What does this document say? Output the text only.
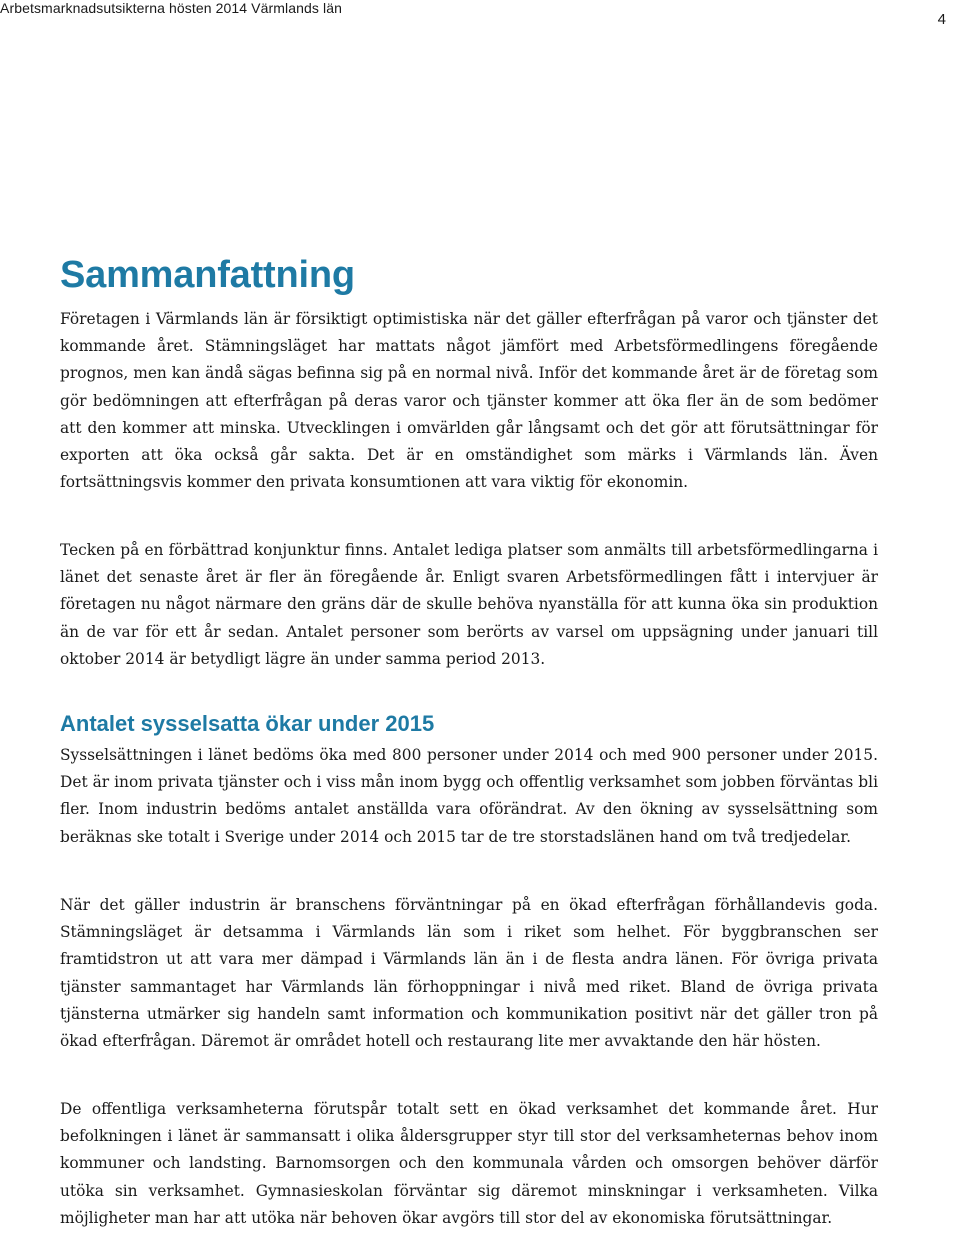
Arbetsmarknadsutsikterna hösten 2014 Värmlands län
4
Sammanfattning

Företagen i Värmlands län är försiktigt optimistiska när det gäller efterfrågan på varor och tjänster det kommande året. Stämningsläget har mattats något jämfört med Arbetsförmedlingens föregående prognos, men kan ändå sägas befinna sig på en normal nivå. Inför det kommande året är de företag som gör bedömningen att efterfrågan på deras varor och tjänster kommer att öka fler än de som bedömer att den kommer att minska. Utvecklingen i omvärlden går långsamt och det gör att förutsättningar för exporten att öka också går sakta. Det är en omständighet som märks i Värmlands län. Även fortsättningsvis kommer den privata konsumtionen att vara viktig för ekonomin.

Tecken på en förbättrad konjunktur finns. Antalet lediga platser som anmälts till arbetsförmedlingarna i länet det senaste året är fler än föregående år. Enligt svaren Arbetsförmedlingen fått i intervjuer är företagen nu något närmare den gräns där de skulle behöva nyanställa för att kunna öka sin produktion än de var för ett år sedan. Antalet personer som berörts av varsel om uppsägning under januari till oktober 2014 är betydligt lägre än under samma period 2013.

Antalet sysselsatta ökar under 2015

Sysselsättningen i länet bedöms öka med 800 personer under 2014 och med 900 personer under 2015. Det är inom privata tjänster och i viss mån inom bygg och offentlig verksamhet som jobben förväntas bli fler. Inom industrin bedöms antalet anställda vara oförändrat. Av den ökning av sysselsättning som beräknas ske totalt i Sverige under 2014 och 2015 tar de tre storstadslänen hand om två tredjedelar.

När det gäller industrin är branschens förväntningar på en ökad efterfrågan förhållandevis goda. Stämningsläget är detsamma i Värmlands län som i riket som helhet. För byggbranschen ser framtidstron ut att vara mer dämpad i Värmlands län än i de flesta andra länen. För övriga privata tjänster sammantaget har Värmlands län förhoppningar i nivå med riket. Bland de övriga privata tjänsterna utmärker sig handeln samt information och kommunikation positivt när det gäller tron på ökad efterfrågan. Däremot är området hotell och restaurang lite mer avvaktande den här hösten.

De offentliga verksamheterna förutspår totalt sett en ökad verksamhet det kommande året. Hur befolkningen i länet är sammansatt i olika åldersgrupper styr till stor del verksamheternas behov inom kommuner och landsting. Barnomsorgen och den kommunala vården och omsorgen behöver därför utöka sin verksamhet. Gymnasieskolan förväntar sig däremot minskningar i verksamheten. Vilka möjligheter man har att utöka när behoven ökar avgörs till stor del av ekonomiska förutsättningar.
